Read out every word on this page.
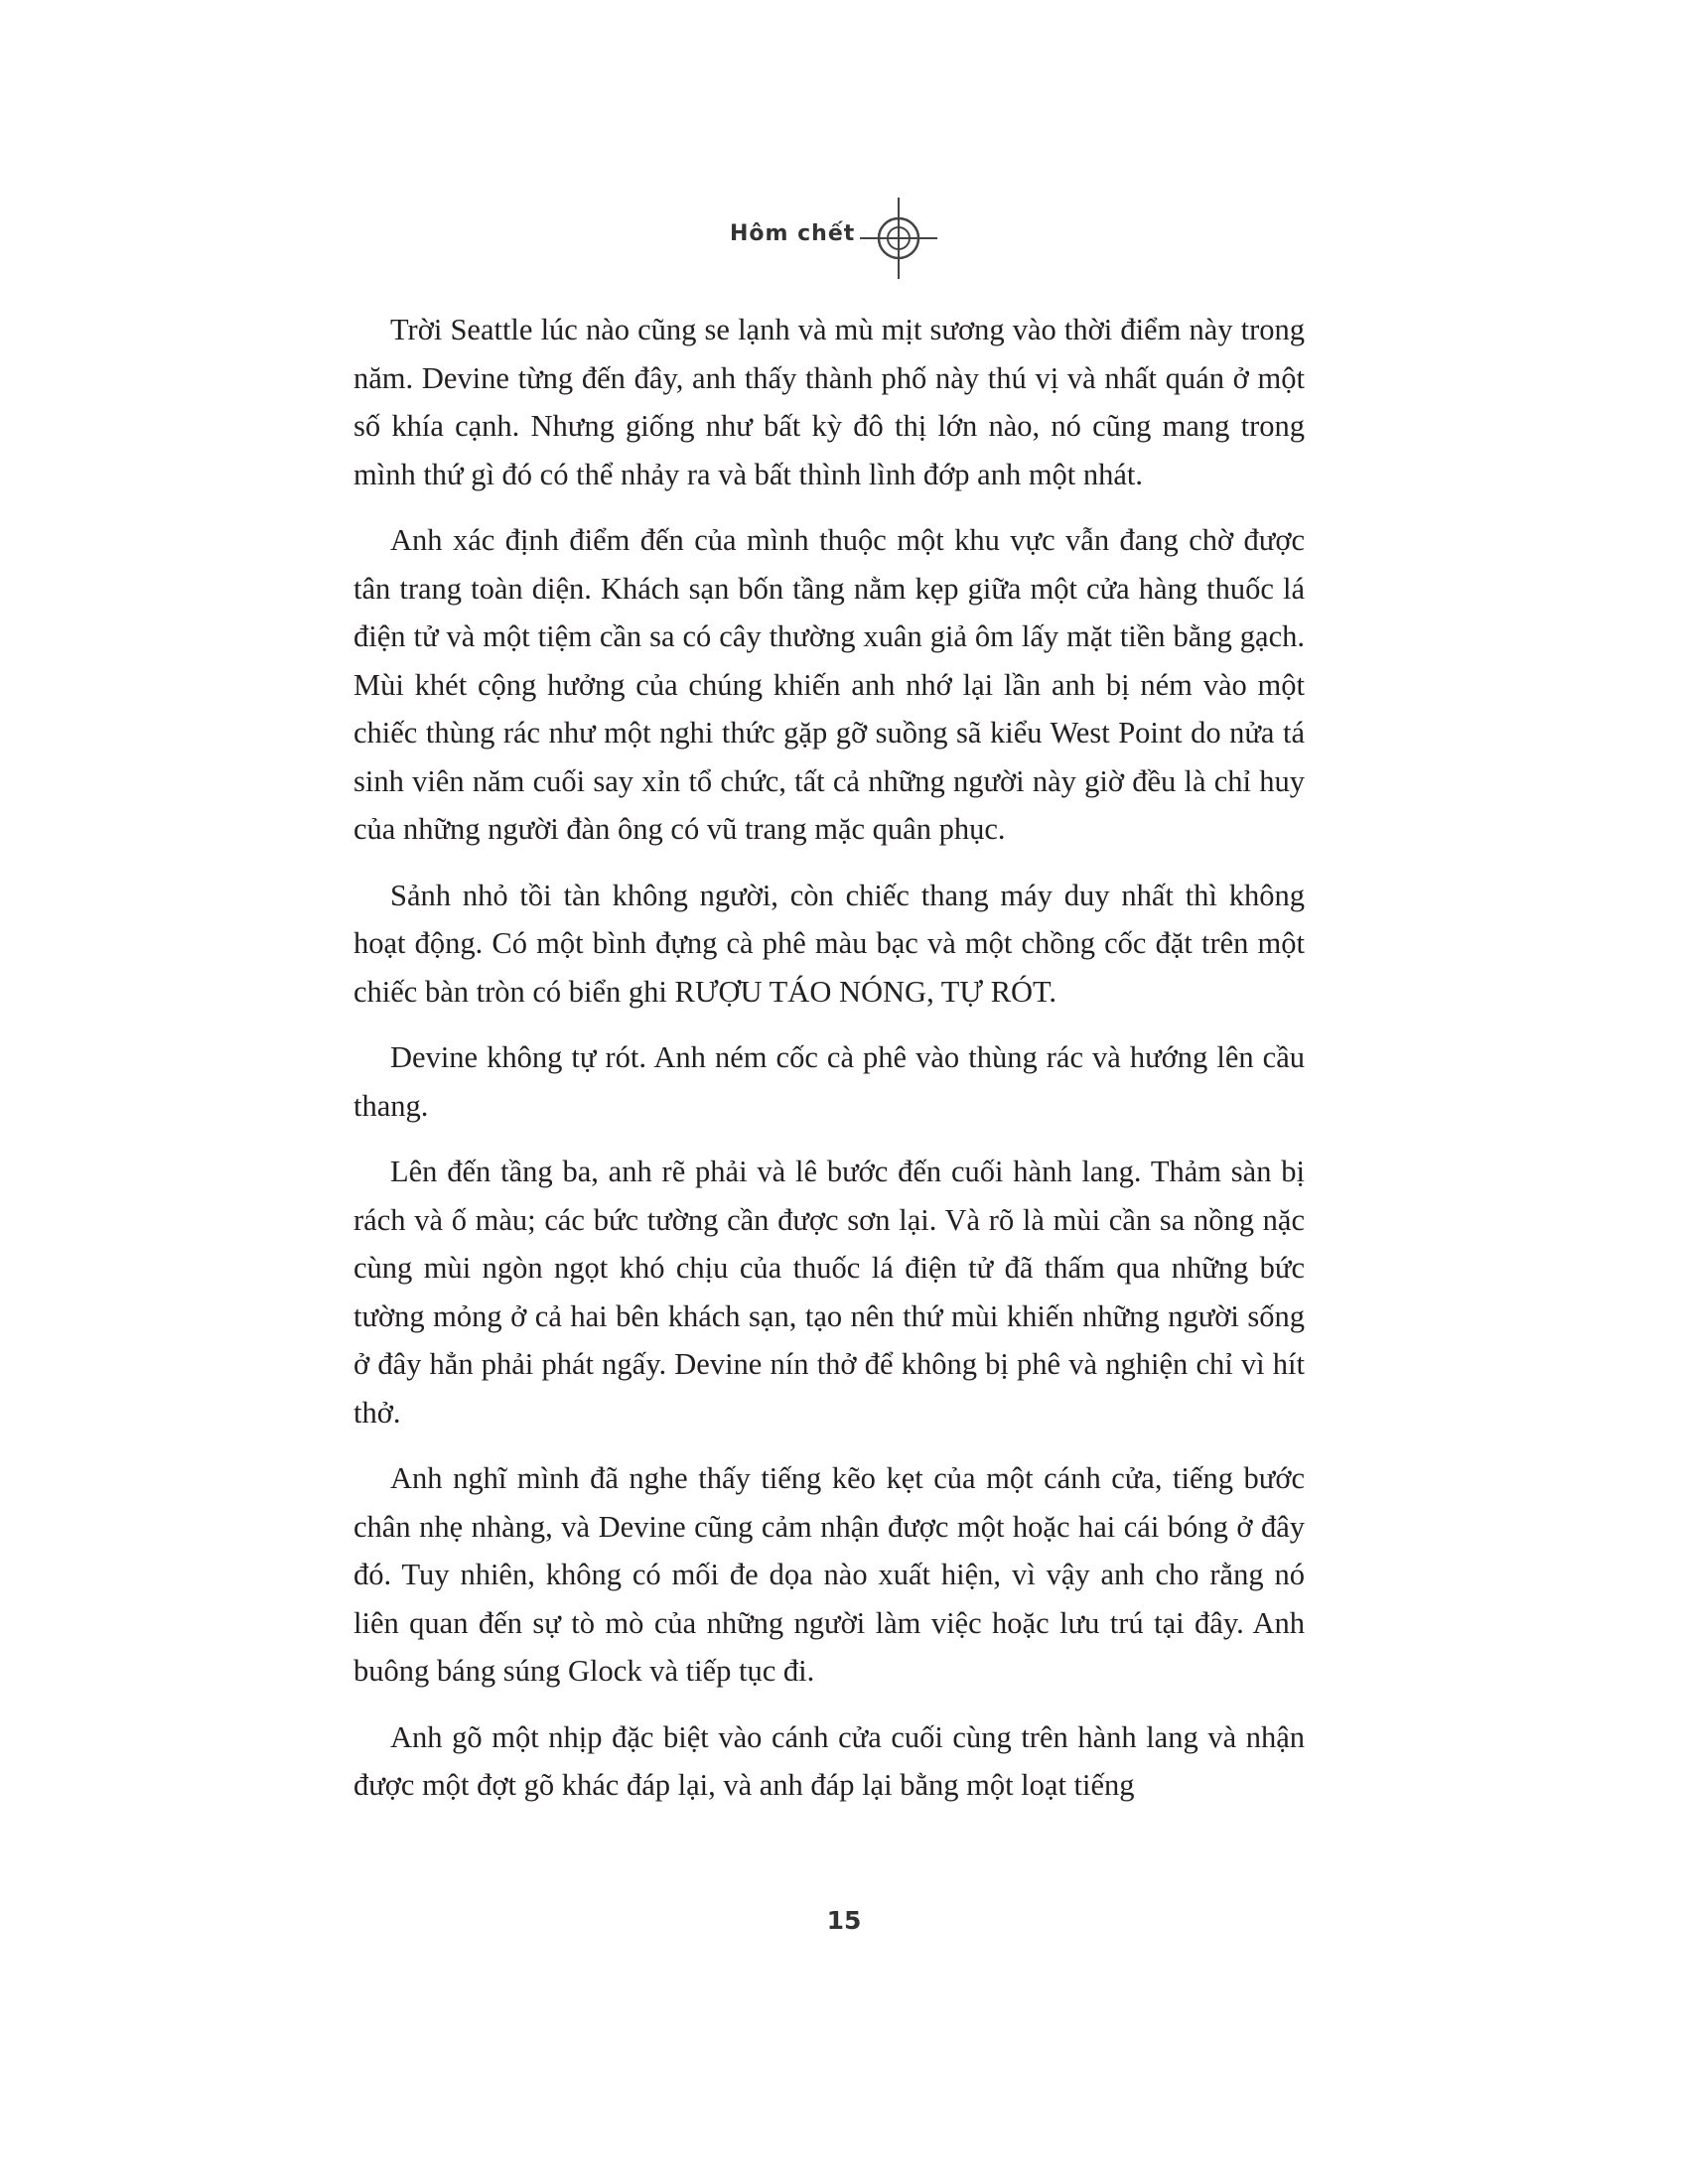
Hôm chết

Trời Seattle lúc nào cũng se lạnh và mù mịt sương vào thời điểm này trong năm. Devine từng đến đây, anh thấy thành phố này thú vị và nhất quán ở một số khía cạnh. Nhưng giống như bất kỳ đô thị lớn nào, nó cũng mang trong mình thứ gì đó có thể nhảy ra và bất thình lình đớp anh một nhát.

Anh xác định điểm đến của mình thuộc một khu vực vẫn đang chờ được tân trang toàn diện. Khách sạn bốn tầng nằm kẹp giữa một cửa hàng thuốc lá điện tử và một tiệm cần sa có cây thường xuân giả ôm lấy mặt tiền bằng gạch. Mùi khét cộng hưởng của chúng khiến anh nhớ lại lần anh bị ném vào một chiếc thùng rác như một nghi thức gặp gỡ suồng sã kiểu West Point do nửa tá sinh viên năm cuối say xỉn tổ chức, tất cả những người này giờ đều là chỉ huy của những người đàn ông có vũ trang mặc quân phục.

Sảnh nhỏ tồi tàn không người, còn chiếc thang máy duy nhất thì không hoạt động. Có một bình đựng cà phê màu bạc và một chồng cốc đặt trên một chiếc bàn tròn có biển ghi RƯỢU TÁO NÓNG, TỰ RÓT.

Devine không tự rót. Anh ném cốc cà phê vào thùng rác và hướng lên cầu thang.

Lên đến tầng ba, anh rẽ phải và lê bước đến cuối hành lang. Thảm sàn bị rách và ố màu; các bức tường cần được sơn lại. Và rõ là mùi cần sa nồng nặc cùng mùi ngòn ngọt khó chịu của thuốc lá điện tử đã thấm qua những bức tường mỏng ở cả hai bên khách sạn, tạo nên thứ mùi khiến những người sống ở đây hẳn phải phát ngấy. Devine nín thở để không bị phê và nghiện chỉ vì hít thở.

Anh nghĩ mình đã nghe thấy tiếng kẽo kẹt của một cánh cửa, tiếng bước chân nhẹ nhàng, và Devine cũng cảm nhận được một hoặc hai cái bóng ở đây đó. Tuy nhiên, không có mối đe dọa nào xuất hiện, vì vậy anh cho rằng nó liên quan đến sự tò mò của những người làm việc hoặc lưu trú tại đây. Anh buông báng súng Glock và tiếp tục đi.

Anh gõ một nhịp đặc biệt vào cánh cửa cuối cùng trên hành lang và nhận được một đợt gõ khác đáp lại, và anh đáp lại bằng một loạt tiếng

15
